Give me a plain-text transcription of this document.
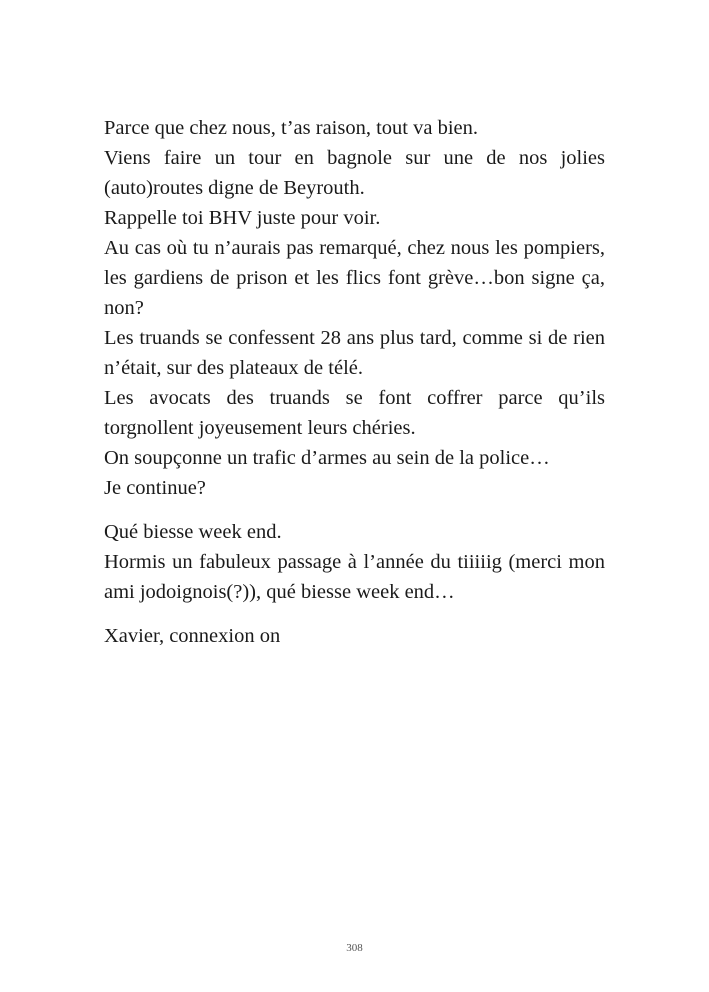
Parce que chez nous, t’as raison, tout va bien.

Viens faire un tour en bagnole sur une de nos jolies (auto)routes digne de Beyrouth.

Rappelle toi BHV juste pour voir.

Au cas où tu n’aurais pas remarqué, chez nous les pompiers, les gardiens de prison et les flics font grève…bon signe ça, non?

Les truands se confessent 28 ans plus tard, comme si de rien n’était, sur des plateaux de télé.

Les avocats des truands se font coffrer parce qu’ils torgnollent joyeusement leurs chéries.

On soupçonne un trafic d’armes au sein de la police…

Je continue?

Qué biesse week end.

Hormis un fabuleux passage à l’année du tiiiiig (merci mon ami jodoignois(?)), qué biesse week end…

Xavier, connexion on

308
